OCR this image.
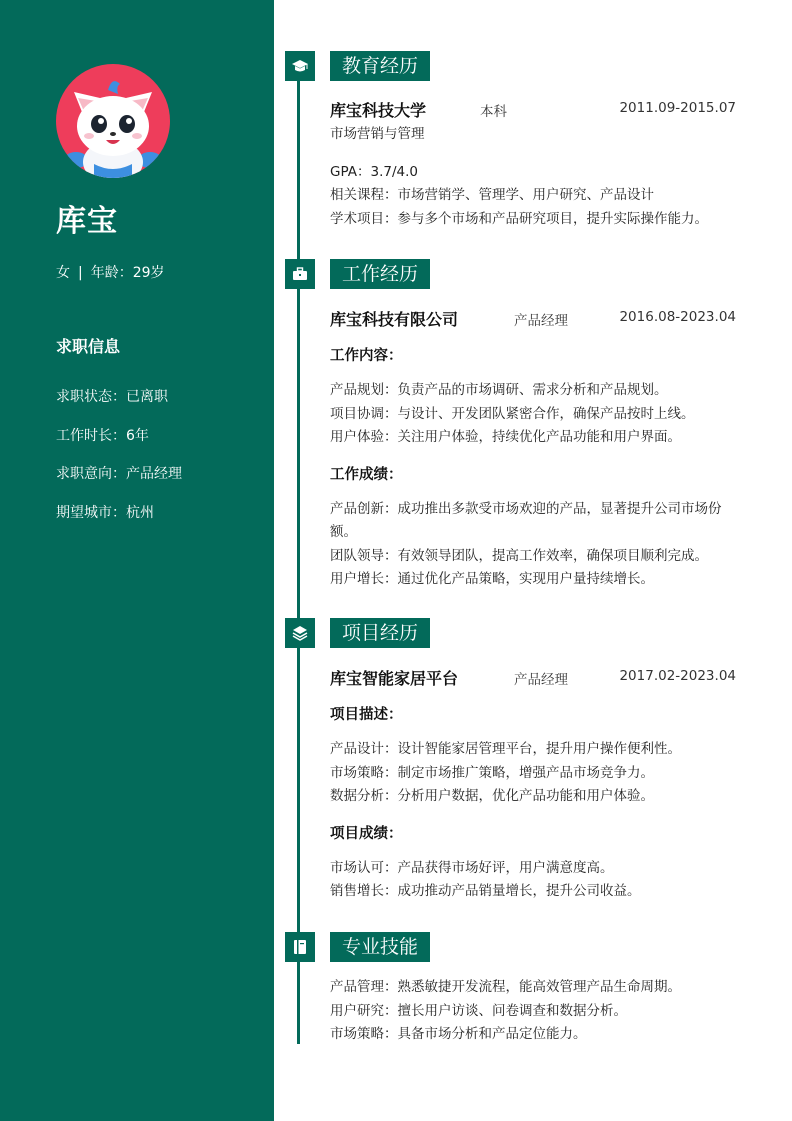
库宝
女 | 年龄：29岁
求职信息
求职状态：已离职
工作时长：6年
求职意向：产品经理
期望城市：杭州
教育经历
库宝科技大学	本科	2011.09-2015.07
市场营销与管理
GPA：3.7/4.0
相关课程：市场营销学、管理学、用户研究、产品设计
学术项目：参与多个市场和产品研究项目，提升实际操作能力。
工作经历
库宝科技有限公司	产品经理	2016.08-2023.04
工作内容：
产品规划：负责产品的市场调研、需求分析和产品规划。
项目协调：与设计、开发团队紧密合作，确保产品按时上线。
用户体验：关注用户体验，持续优化产品功能和用户界面。
工作成绩：
产品创新：成功推出多款受市场欢迎的产品，显著提升公司市场份
额。
团队领导：有效领导团队，提高工作效率，确保项目顺利完成。
用户增长：通过优化产品策略，实现用户量持续增长。
项目经历
库宝智能家居平台	产品经理	2017.02-2023.04
项目描述：
产品设计：设计智能家居管理平台，提升用户操作便利性。
市场策略：制定市场推广策略，增强产品市场竞争力。
数据分析：分析用户数据，优化产品功能和用户体验。
项目成绩：
市场认可：产品获得市场好评，用户满意度高。
销售增长：成功推动产品销量增长，提升公司收益。
专业技能
产品管理：熟悉敏捷开发流程，能高效管理产品生命周期。
用户研究：擅长用户访谈、问卷调查和数据分析。
市场策略：具备市场分析和产品定位能力。
